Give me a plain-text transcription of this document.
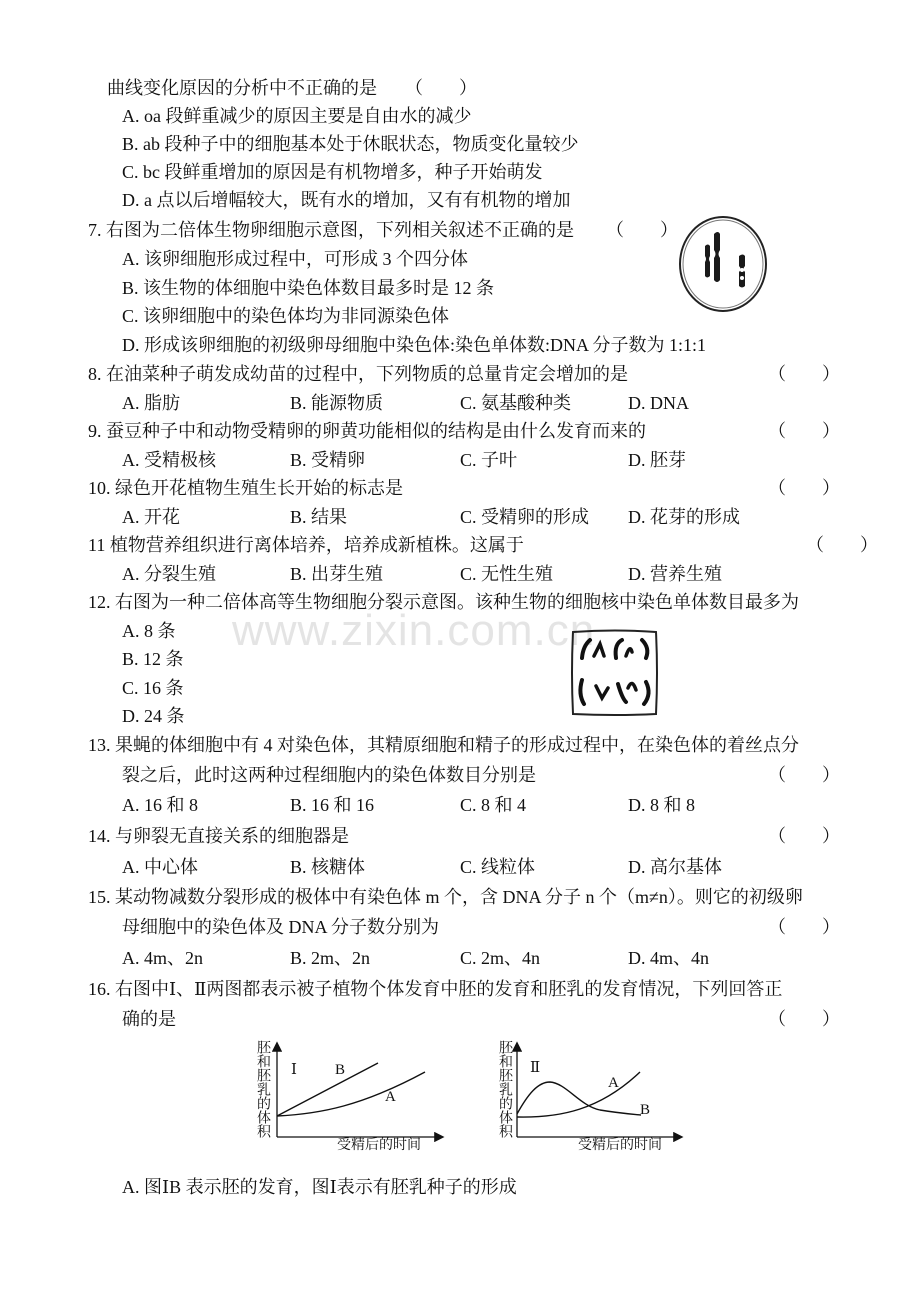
www.zixin.com.cn
曲线变化原因的分析中不正确的是 （　　）
A. oa 段鲜重减少的原因主要是自由水的减少
B. ab 段种子中的细胞基本处于休眠状态，物质变化量较少
C. bc 段鲜重增加的原因是有机物增多，种子开始萌发
D. a 点以后增幅较大，既有水的增加，又有有机物的增加
7. 右图为二倍体生物卵细胞示意图，下列相关叙述不正确的是 （　　）
A. 该卵细胞形成过程中，可形成 3 个四分体
B. 该生物的体细胞中染色体数目最多时是 12 条
C. 该卵细胞中的染色体均为非同源染色体
D. 形成该卵细胞的初级卵母细胞中染色体:染色单体数:DNA 分子数为 1:1:1
8. 在油菜种子萌发成幼苗的过程中，下列物质的总量肯定会增加的是	（　　）
A. 脂肪	B. 能源物质	C. 氨基酸种类	D. DNA
9. 蚕豆种子中和动物受精卵的卵黄功能相似的结构是由什么发育而来的	（　　）
A. 受精极核	B. 受精卵	C. 子叶	D. 胚芽
10. 绿色开花植物生殖生长开始的标志是	（　　）
A. 开花	B. 结果	C. 受精卵的形成 D. 花芽的形成
11 植物营养组织进行离体培养，培养成新植株。这属于	（　　）
A. 分裂生殖	B. 出芽生殖	C. 无性生殖	D. 营养生殖
12. 右图为一种二倍体高等生物细胞分裂示意图。该种生物的细胞核中染色单体数目最多为
A. 8 条
B. 12 条
C. 16 条
D. 24 条
13. 果蝇的体细胞中有 4 对染色体，其精原细胞和精子的形成过程中，在染色体的着丝点分
裂之后，此时这两种过程细胞内的染色体数目分别是	（　　）
A. 16 和 8	B. 16 和 16	C. 8 和 4	D. 8 和 8
14. 与卵裂无直接关系的细胞器是	（　　）
A. 中心体	B. 核糖体	C. 线粒体	D. 高尔基体
15. 某动物减数分裂形成的极体中有染色体 m 个，含 DNA 分子 n 个（m≠n）。则它的初级卵
母细胞中的染色体及 DNA 分子数分别为	（　　）
A. 4m、2n	B. 2m、2n	C. 2m、4n	D. 4m、4n
16. 右图中Ⅰ、Ⅱ两图都表示被子植物个体发育中胚的发育和胚乳的发育情况，下列回答正
确的是	（　　）
胚和胚乳的体积 Ⅰ	B
A
受精后的时间
胚和胚乳的体积 Ⅱ
A
B
受精后的时间
A. 图ⅠB 表示胚的发育，图Ⅰ表示有胚乳种子的形成
